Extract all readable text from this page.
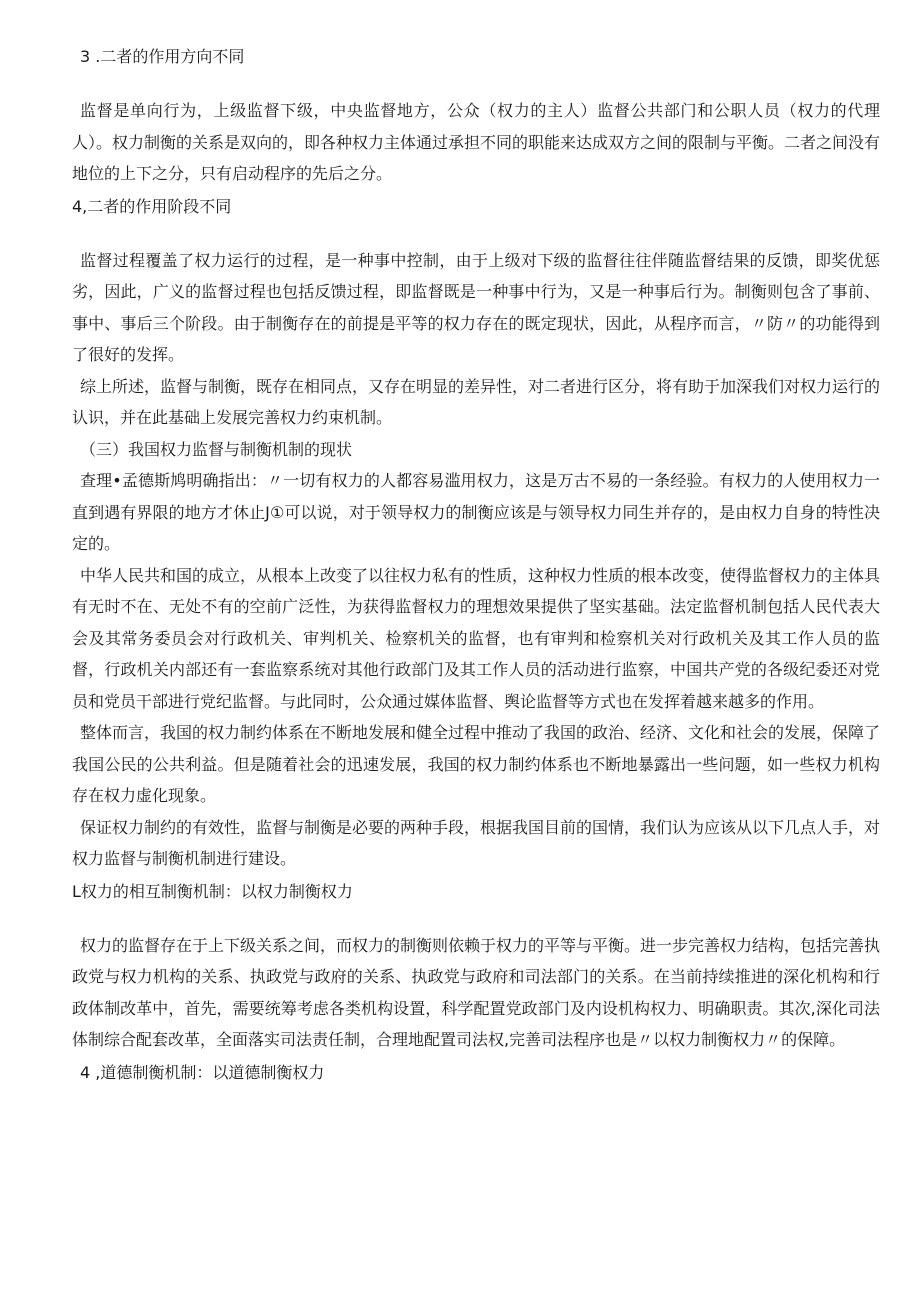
3 .二者的作用方向不同

监督是单向行为，上级监督下级，中央监督地方，公众（权力的主人）监督公共部门和公职人员（权力的代理人）。权力制衡的关系是双向的，即各种权力主体通过承担不同的职能来达成双方之间的限制与平衡。二者之间没有地位的上下之分，只有启动程序的先后之分。

4,二者的作用阶段不同

监督过程覆盖了权力运行的过程，是一种事中控制，由于上级对下级的监督往往伴随监督结果的反馈，即奖优惩劣，因此，广义的监督过程也包括反馈过程，即监督既是一种事中行为，又是一种事后行为。制衡则包含了事前、事中、事后三个阶段。由于制衡存在的前提是平等的权力存在的既定现状，因此，从程序而言，〃防〃的功能得到了很好的发挥。

综上所述，监督与制衡，既存在相同点，又存在明显的差异性，对二者进行区分，将有助于加深我们对权力运行的认识，并在此基础上发展完善权力约束机制。

（三）我国权力监督与制衡机制的现状

查理•孟德斯鸠明确指出：〃一切有权力的人都容易滥用权力，这是万古不易的一条经验。有权力的人使用权力一直到遇有界限的地方才休止J①可以说，对于领导权力的制衡应该是与领导权力同生并存的，是由权力自身的特性决定的。

中华人民共和国的成立，从根本上改变了以往权力私有的性质，这种权力性质的根本改变，使得监督权力的主体具有无时不在、无处不有的空前广泛性，为获得监督权力的理想效果提供了坚实基础。法定监督机制包括人民代表大会及其常务委员会对行政机关、审判机关、检察机关的监督，也有审判和检察机关对行政机关及其工作人员的监督，行政机关内部还有一套监察系统对其他行政部门及其工作人员的活动进行监察，中国共产党的各级纪委还对党员和党员干部进行党纪监督。与此同时，公众通过媒体监督、舆论监督等方式也在发挥着越来越多的作用。

整体而言，我国的权力制约体系在不断地发展和健全过程中推动了我国的政治、经济、文化和社会的发展，保障了我国公民的公共利益。但是随着社会的迅速发展，我国的权力制约体系也不断地暴露出一些问题，如一些权力机构存在权力虚化现象。

保证权力制约的有效性，监督与制衡是必要的两种手段，根据我国目前的国情，我们认为应该从以下几点人手，对权力监督与制衡机制进行建设。

L权力的相互制衡机制：以权力制衡权力

权力的监督存在于上下级关系之间，而权力的制衡则依赖于权力的平等与平衡。进一步完善权力结构，包括完善执政党与权力机构的关系、执政党与政府的关系、执政党与政府和司法部门的关系。在当前持续推进的深化机构和行政体制改革中，首先，需要统筹考虑各类机构设置，科学配置党政部门及内设机构权力、明确职责。其次,深化司法体制综合配套改革，全面落实司法责任制，合理地配置司法权,完善司法程序也是〃以权力制衡权力〃的保障。

4 ,道德制衡机制：以道德制衡权力
